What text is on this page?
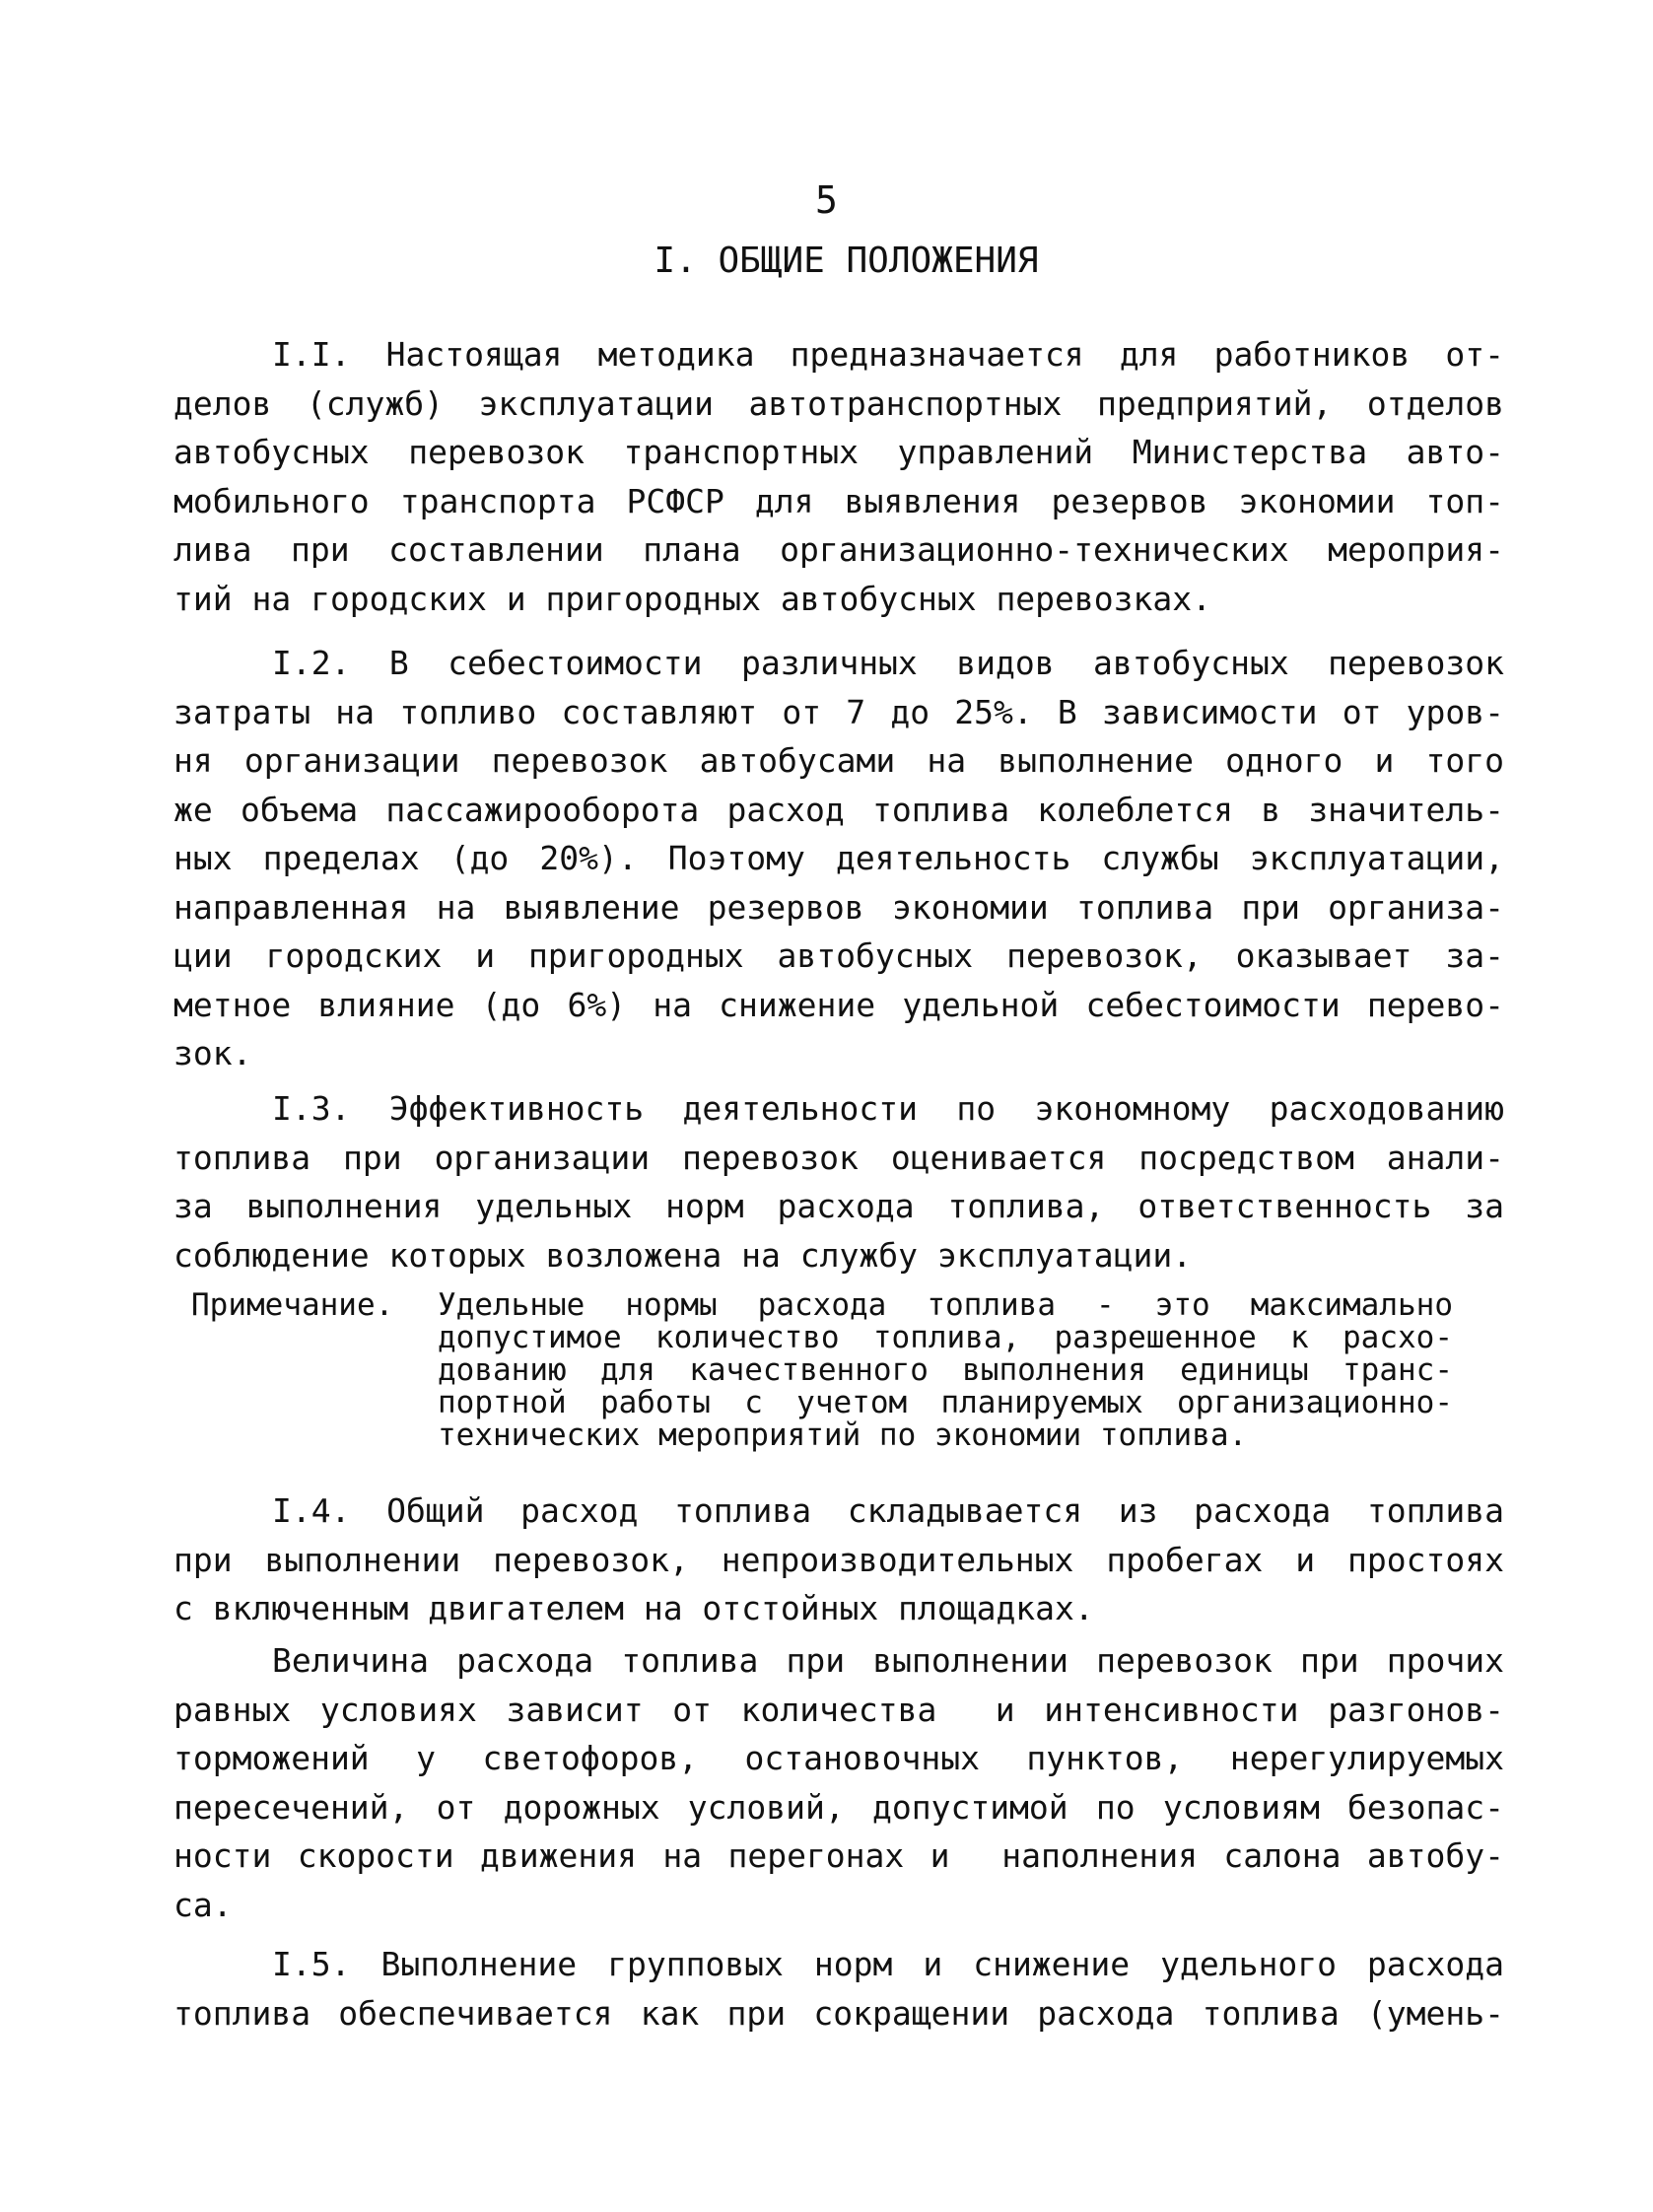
5
I. ОБЩИЕ ПОЛОЖЕНИЯ
I.I. Настоящая методика предназначается для работников от-
делов (служб) эксплуатации автотранспортных предприятий, отделов
автобусных перевозок транспортных управлений Министерства авто-
мобильного транспорта РСФСР для выявления резервов экономии топ-
лива при составлении плана организационно-технических мероприя-
тий на городских и пригородных автобусных перевозках.
I.2. В себестоимости различных видов автобусных перевозок
затраты на топливо составляют от 7 до 25%. В зависимости от уров-
ня организации перевозок автобусами на выполнение одного и того
же объема пассажирооборота расход топлива колеблется в значитель-
ных пределах (до 20%). Поэтому деятельность службы эксплуатации,
направленная на выявление резервов экономии топлива при организа-
ции городских и пригородных автобусных перевозок, оказывает за-
метное влияние (до 6%) на снижение удельной себестоимости перево-
зок.
I.3. Эффективность деятельности по экономному расходованию
топлива при организации перевозок оценивается посредством анали-
за выполнения удельных норм расхода топлива, ответственность за
соблюдение которых возложена на службу эксплуатации.
Примечание. Удельные нормы расхода топлива - это максимально
допустимое количество топлива, разрешенное к расхо-
дованию для качественного выполнения единицы транс-
портной работы с учетом планируемых организационно-
технических мероприятий по экономии топлива.
I.4. Общий расход топлива складывается из расхода топлива
при выполнении перевозок, непроизводительных пробегах и простоях
с включенным двигателем на отстойных площадках.
Величина расхода топлива при выполнении перевозок при прочих
равных условиях зависит от количества  и интенсивности разгонов-
торможений у светофоров, остановочных пунктов, нерегулируемых
пересечений, от дорожных условий, допустимой по условиям безопас-
ности скорости движения на перегонах и  наполнения салона автобу-
са.
I.5. Выполнение групповых норм и снижение удельного расхода
топлива обеспечивается как при сокращении расхода топлива (умень-
